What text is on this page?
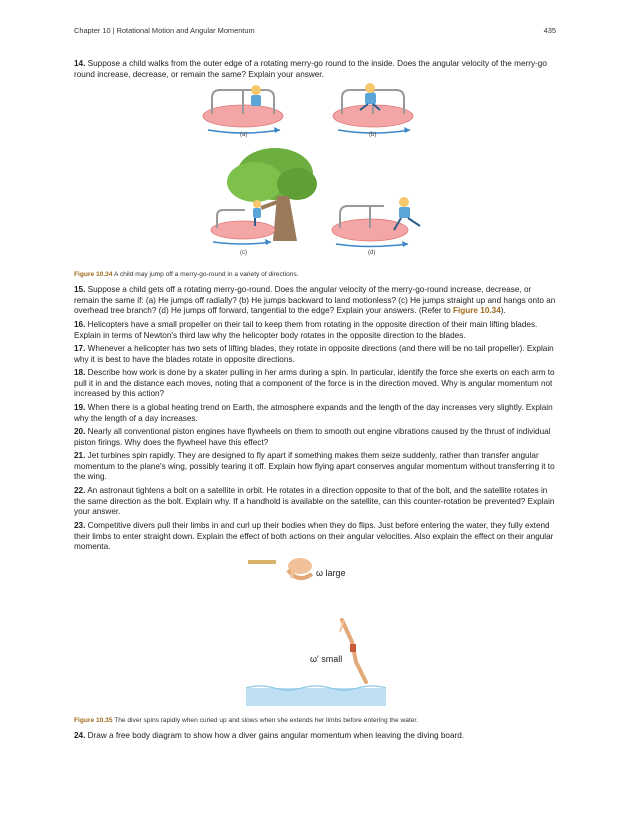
Chapter 10 | Rotational Motion and Angular Momentum	435
14. Suppose a child walks from the outer edge of a rotating merry-go round to the inside. Does the angular velocity of the merry-go round increase, decrease, or remain the same? Explain your answer.
(a)	(b)
(c)	(d)
Figure 10.34 A child may jump off a merry-go-round in a variety of directions.
15. Suppose a child gets off a rotating merry-go-round. Does the angular velocity of the merry-go-round increase, decrease, or remain the same if: (a) He jumps off radially? (b) He jumps backward to land motionless? (c) He jumps straight up and hangs onto an overhead tree branch? (d) He jumps off forward, tangential to the edge? Explain your answers. (Refer to Figure 10.34).
16. Helicopters have a small propeller on their tail to keep them from rotating in the opposite direction of their main lifting blades. Explain in terms of Newton's third law why the helicopter body rotates in the opposite direction to the blades.
17. Whenever a helicopter has two sets of lifting blades, they rotate in opposite directions (and there will be no tail propeller). Explain why it is best to have the blades rotate in opposite directions.
18. Describe how work is done by a skater pulling in her arms during a spin. In particular, identify the force she exerts on each arm to pull it in and the distance each moves, noting that a component of the force is in the direction moved. Why is angular momentum not increased by this action?
19. When there is a global heating trend on Earth, the atmosphere expands and the length of the day increases very slightly. Explain why the length of a day increases.
20. Nearly all conventional piston engines have flywheels on them to smooth out engine vibrations caused by the thrust of individual piston firings. Why does the flywheel have this effect?
21. Jet turbines spin rapidly. They are designed to fly apart if something makes them seize suddenly, rather than transfer angular momentum to the plane's wing, possibly tearing it off. Explain how flying apart conserves angular momentum without transferring it to the wing.
22. An astronaut tightens a bolt on a satellite in orbit. He rotates in a direction opposite to that of the bolt, and the satellite rotates in the same direction as the bolt. Explain why. If a handhold is available on the satellite, can this counter-rotation be prevented? Explain your answer.
23. Competitive divers pull their limbs in and curl up their bodies when they do flips. Just before entering the water, they fully extend their limbs to enter straight down. Explain the effect of both actions on their angular velocities. Also explain the effect on their angular momenta.
ω large
ω′ small
Figure 10.35 The diver spins rapidly when curled up and slows when she extends her limbs before entering the water.
24. Draw a free body diagram to show how a diver gains angular momentum when leaving the diving board.
